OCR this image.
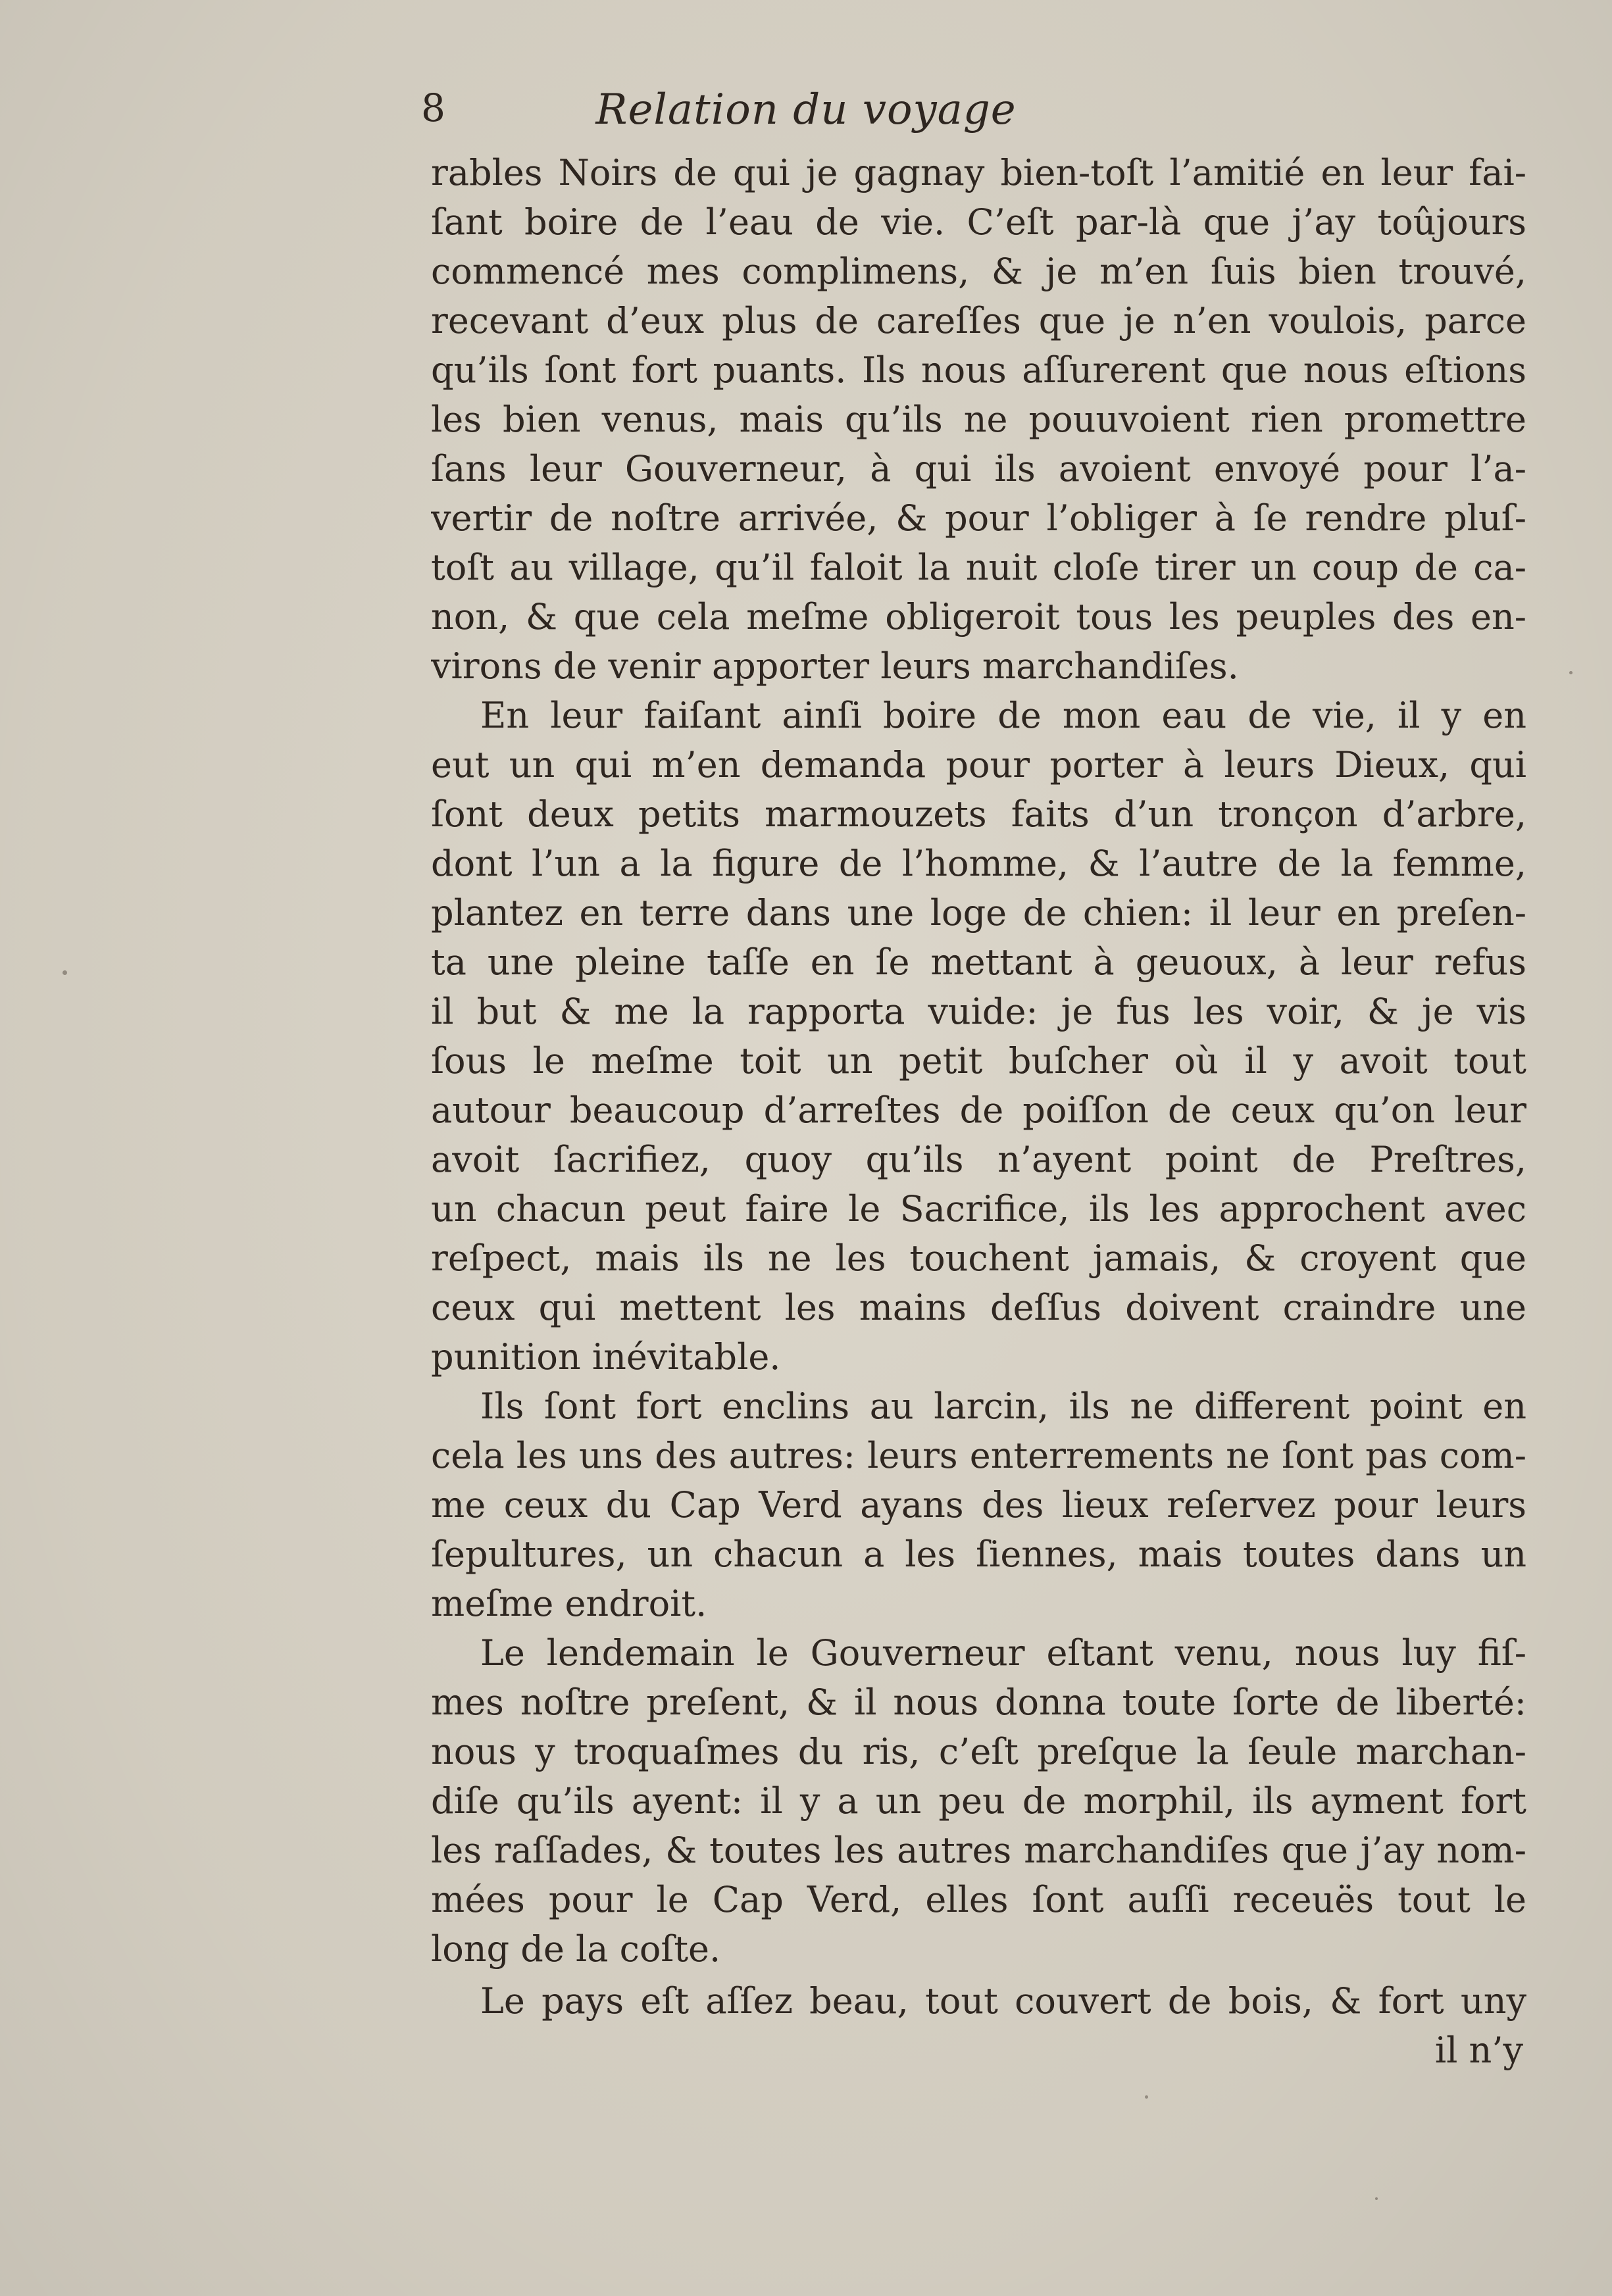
8	Relation du voyage
rables Noirs de qui je gagnay bien-toſt l’amitié en leur fai-
ſant boire de l’eau de vie. C’eſt par-là que j’ay toûjours
commencé mes complimens, & je m’en ſuis bien trouvé,
recevant d’eux plus de careſſes que je n’en voulois, parce
qu’ils ſont fort puants. Ils nous aſſurerent que nous eſtions
les bien venus, mais qu’ils ne pouuvoient rien promettre
ſans leur Gouverneur, à qui ils avoient envoyé pour l’a-
vertir de noſtre arrivée, & pour l’obliger à ſe rendre pluſ-
toſt au village, qu’il faloit la nuit cloſe tirer un coup de ca-
non, & que cela meſme obligeroit tous les peuples des en-
virons de venir apporter leurs marchandiſes.
En leur faiſant ainſi boire de mon eau de vie, il y en
eut un qui m’en demanda pour porter à leurs Dieux, qui
ſont deux petits marmouzets faits d’un tronçon d’arbre,
dont l’un a la figure de l’homme, & l’autre de la femme,
plantez en terre dans une loge de chien: il leur en preſen-
ta une pleine taſſe en ſe mettant à geuoux, à leur refus
il but & me la rapporta vuide: je fus les voir, & je vis
ſous le meſme toit un petit buſcher où il y avoit tout
autour beaucoup d’arreſtes de poiſſon de ceux qu’on leur
avoit ſacrifiez, quoy qu’ils n’ayent point de Preſtres,
un chacun peut faire le Sacrifice, ils les approchent avec
reſpect, mais ils ne les touchent jamais, & croyent que
ceux qui mettent les mains deſſus doivent craindre une
punition inévitable.
Ils ſont fort enclins au larcin, ils ne different point en
cela les uns des autres: leurs enterrements ne ſont pas com-
me ceux du Cap Verd ayans des lieux reſervez pour leurs
ſepultures, un chacun a les ſiennes, mais toutes dans un
meſme endroit.
Le lendemain le Gouverneur eſtant venu, nous luy fiſ-
mes noſtre preſent, & il nous donna toute ſorte de liberté:
nous y troquaſmes du ris, c’eſt preſque la ſeule marchan-
diſe qu’ils ayent: il y a un peu de morphil, ils ayment fort
les raſſades, & toutes les autres marchandiſes que j’ay nom-
mées pour le Cap Verd, elles ſont auſſi receuës tout le
long de la coſte.
Le pays eſt aſſez beau, tout couvert de bois, & fort uny
il n’y
